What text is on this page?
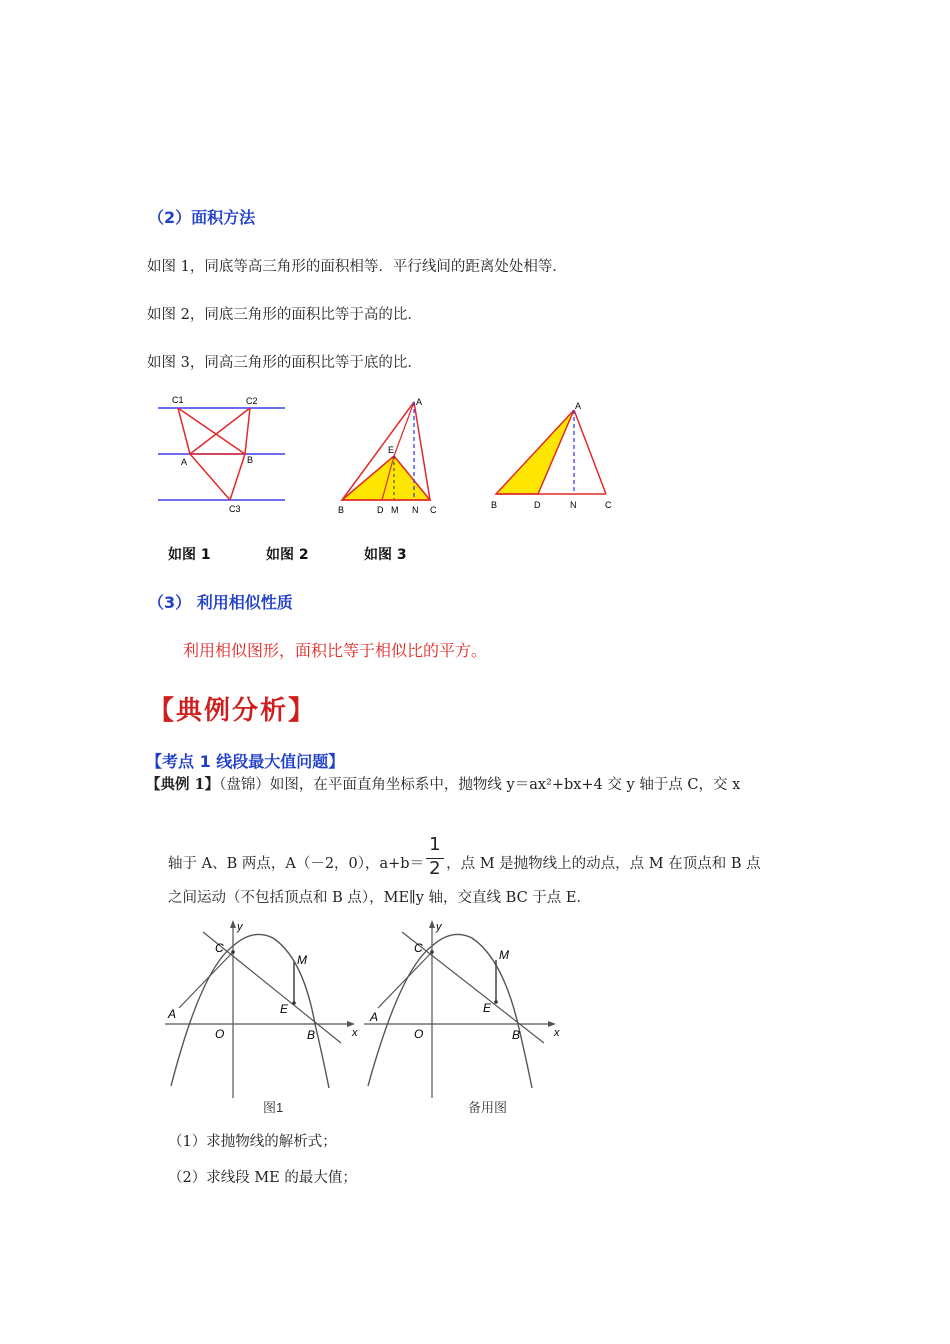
（2）面积方法
如图 1，同底等高三角形的面积相等．平行线间的距离处处相等．
如图 2，同底三角形的面积比等于高的比．
如图 3，同高三角形的面积比等于底的比．
C1	C2
A	B
C3
A
E
B	D M N C
A
B	D	N	C
如图 1	如图 2	如图 3
（3） 利用相似性质
利用相似图形，面积比等于相似比的平方。
【典例分析】
【考点 1 线段最大值问题】
【典例 1】（盘锦）如图，在平面直角坐标系中，抛物线 y＝ax²+bx+4 交 y 轴于点 C，交 x
轴于 A、B 两点，A（－2，0），$a+b= \frac{1}{2}$ ，点 M 是抛物线上的动点，点 M 在顶点和 B 点
之间运动（不包括顶点和 B 点），ME∥y 轴，交直线 BC 于点 E．
y
C
M
E
A
O	B	x
图1
y
C	M
E
A
O	B	x
备用图
（1）求抛物线的解析式；
（2）求线段 ME 的最大值；
